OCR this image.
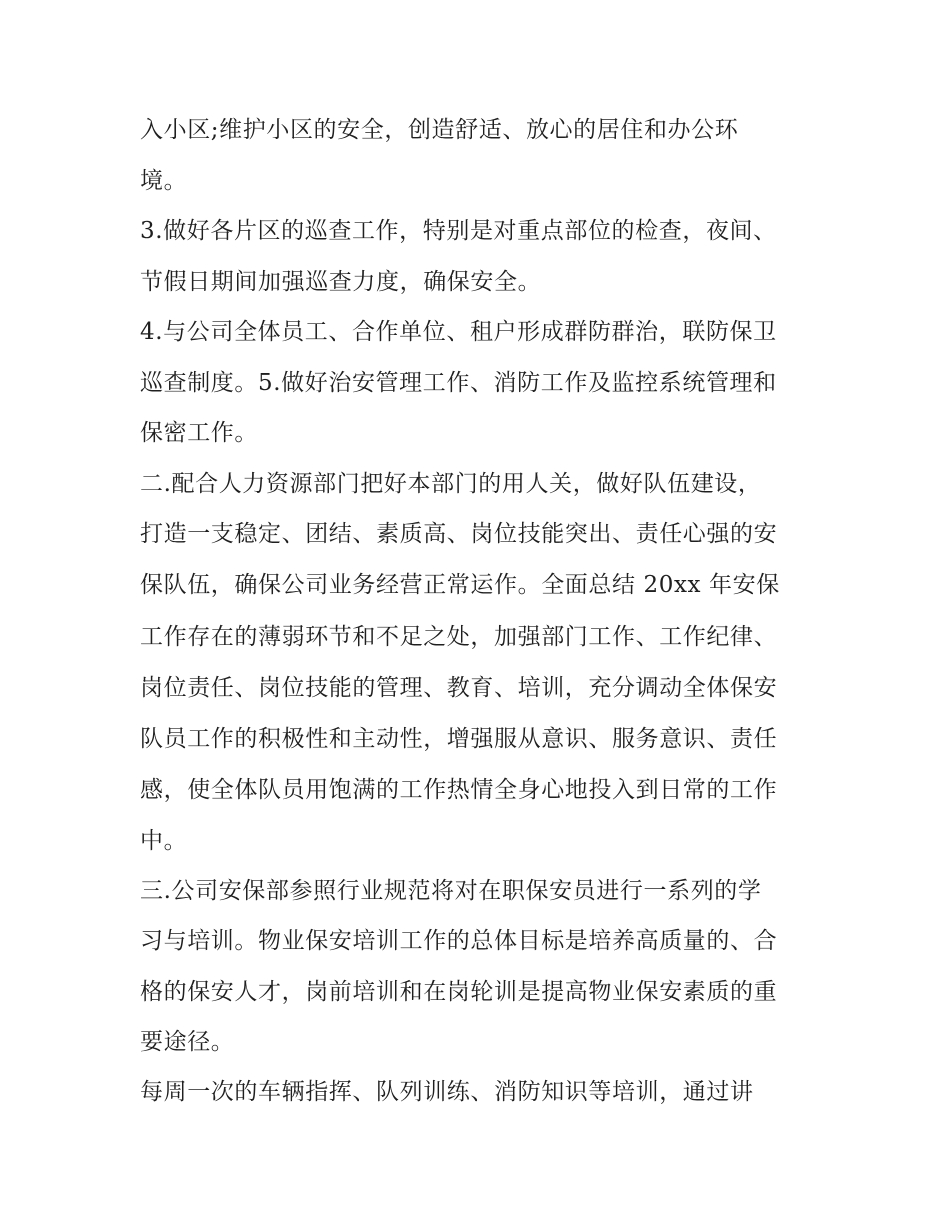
入小区;维护小区的安全，创造舒适、放心的居住和办公环

境。

3.做好各片区的巡查工作，特别是对重点部位的检查，夜间、

节假日期间加强巡查力度，确保安全。

4.与公司全体员工、合作单位、租户形成群防群治，联防保卫

巡查制度。5.做好治安管理工作、消防工作及监控系统管理和

保密工作。

二.配合人力资源部门把好本部门的用人关，做好队伍建设，

打造一支稳定、团结、素质高、岗位技能突出、责任心强的安

保队伍，确保公司业务经营正常运作。全面总结 20xx 年安保

工作存在的薄弱环节和不足之处，加强部门工作、工作纪律、

岗位责任、岗位技能的管理、教育、培训，充分调动全体保安

队员工作的积极性和主动性，增强服从意识、服务意识、责任

感，使全体队员用饱满的工作热情全身心地投入到日常的工作

中。

三.公司安保部参照行业规范将对在职保安员进行一系列的学

习与培训。物业保安培训工作的总体目标是培养高质量的、合

格的保安人才，岗前培训和在岗轮训是提高物业保安素质的重

要途径。

每周一次的车辆指挥、队列训练、消防知识等培训，通过讲
